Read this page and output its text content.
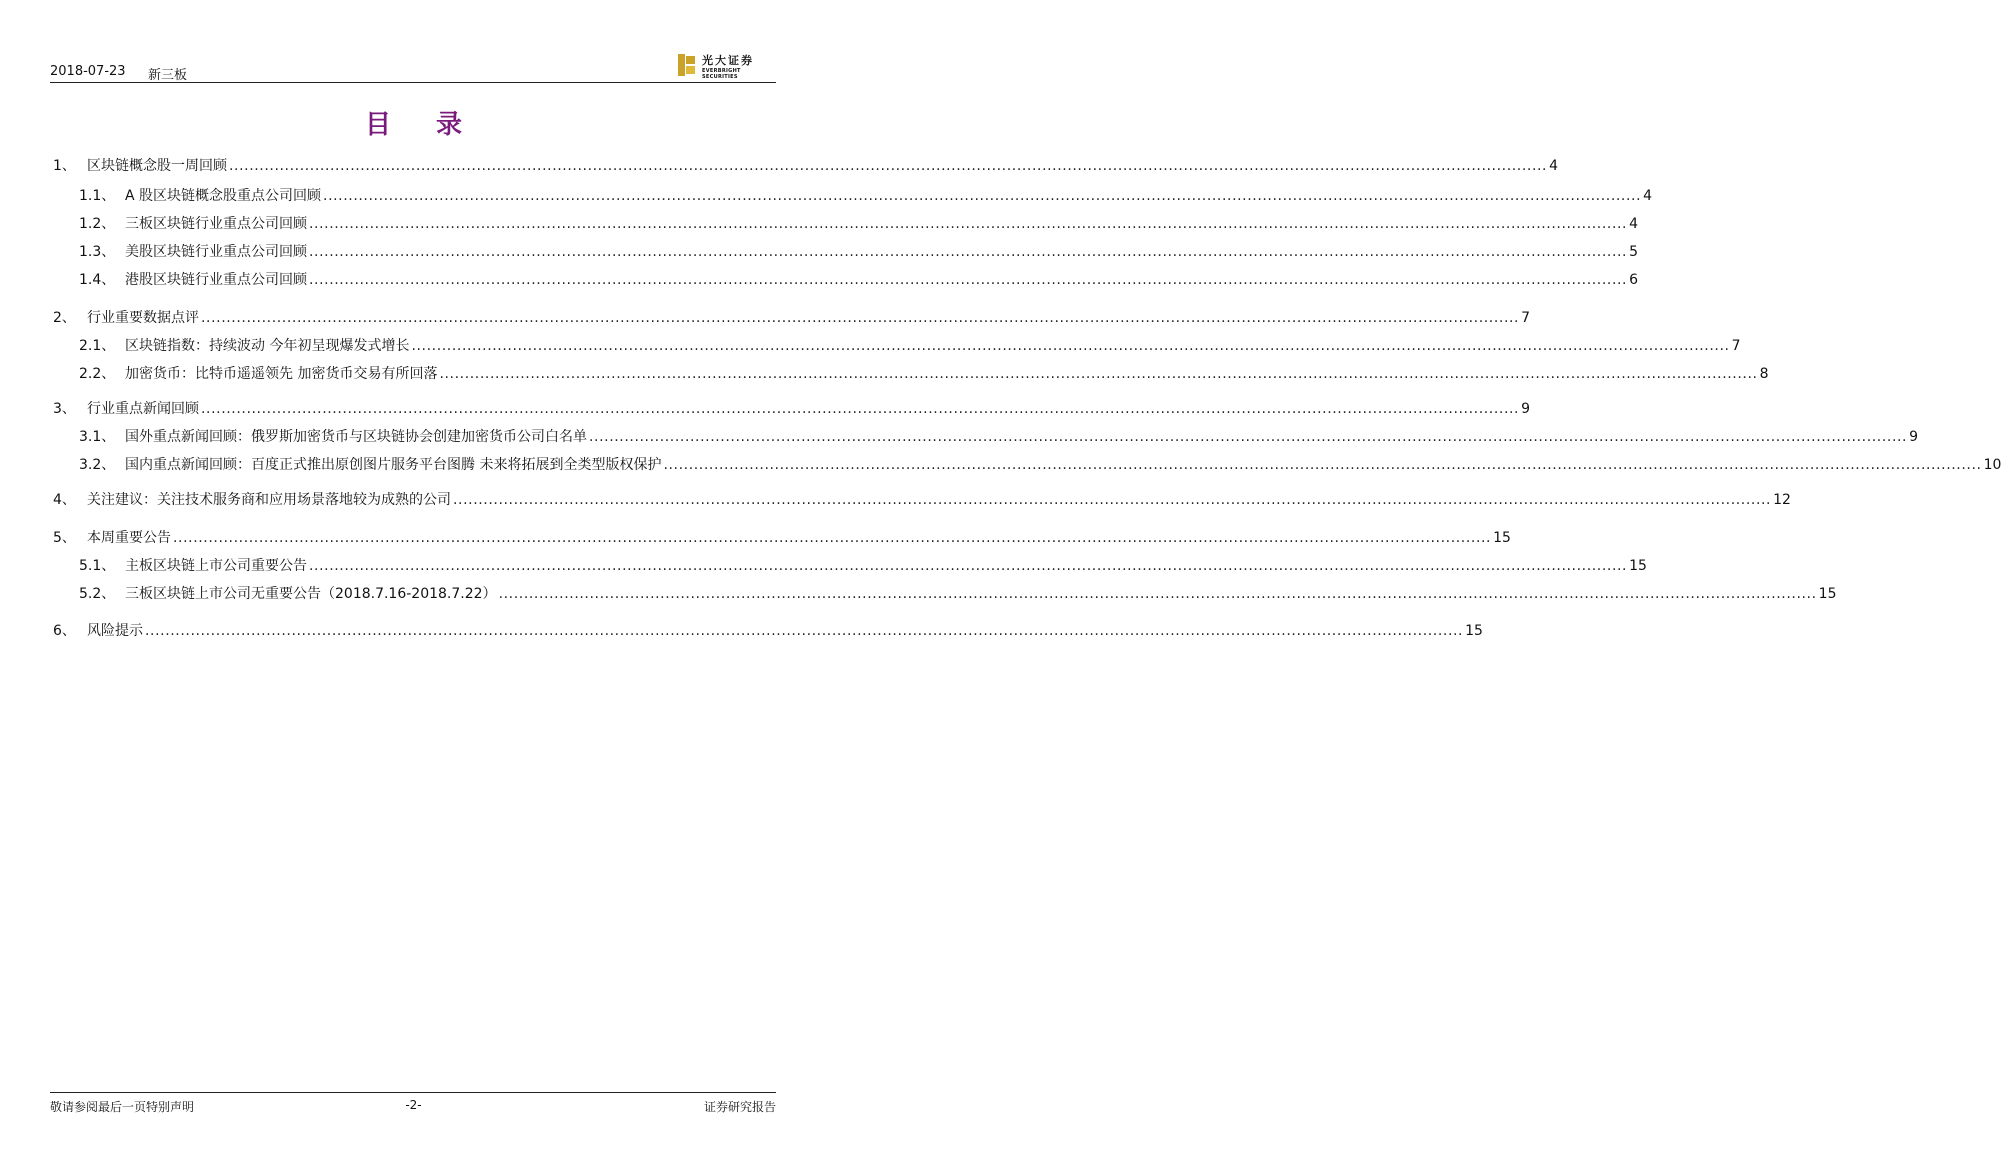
2018-07-23 新三板
光大证券
EVERBRIGHT SECURITIES
目 录
1、 区块链概念股一周回顾 .....	4
1.1、 A 股区块链概念股重点公司回顾 .....	4
1.2、 三板区块链行业重点公司回顾 .....	4
1.3、 美股区块链行业重点公司回顾 .....	5
1.4、 港股区块链行业重点公司回顾 .....	6
2、 行业重要数据点评 .....	7
2.1、 区块链指数：持续波动 今年初呈现爆发式增长 .....	7
2.2、 加密货币：比特币遥遥领先 加密货币交易有所回落 .....	8
3、 行业重点新闻回顾 .....	9
3.1、 国外重点新闻回顾：俄罗斯加密货币与区块链协会创建加密货币公司白名单 .....	9
3.2、 国内重点新闻回顾：百度正式推出原创图片服务平台图腾 未来将拓展到全类型版权保护 .....	10
4、 关注建议：关注技术服务商和应用场景落地较为成熟的公司 .....	12
5、 本周重要公告 .....	15
5.1、 主板区块链上市公司重要公告 .....	15
5.2、 三板区块链上市公司无重要公告（2018.7.16-2018.7.22） .....	15
6、 风险提示 .....	15
敬请参阅最后一页特别声明	-2-	证券研究报告
